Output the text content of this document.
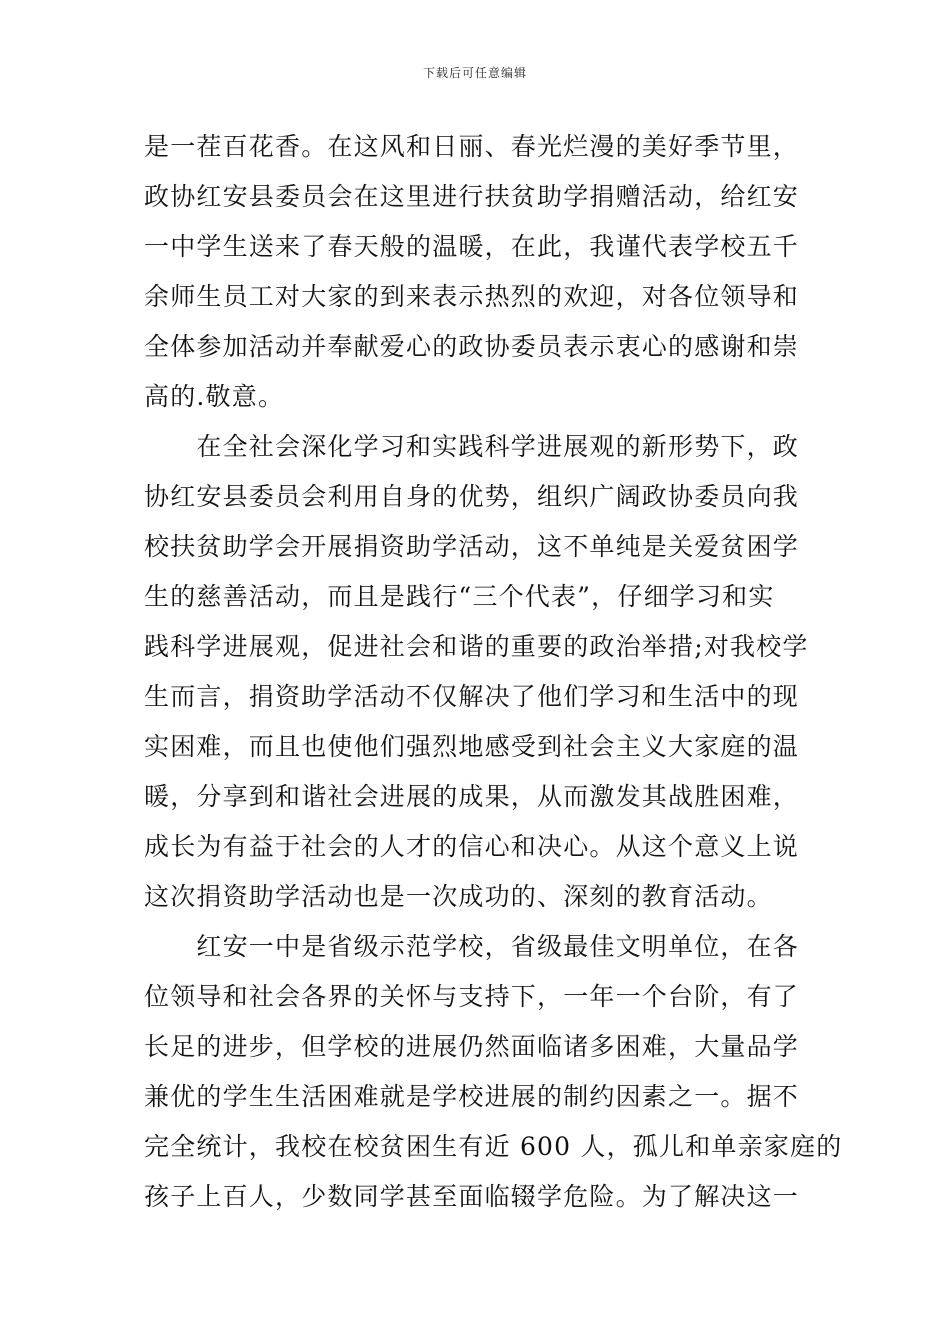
下载后可任意编辑
是一茬百花香。在这风和日丽、春光烂漫的美好季节里，
政协红安县委员会在这里进行扶贫助学捐赠活动，给红安
一中学生送来了春天般的温暖，在此，我谨代表学校五千
余师生员工对大家的到来表示热烈的欢迎，对各位领导和
全体参加活动并奉献爱心的政协委员表示衷心的感谢和崇
高的.敬意。
　　在全社会深化学习和实践科学进展观的新形势下，政
协红安县委员会利用自身的优势，组织广阔政协委员向我
校扶贫助学会开展捐资助学活动，这不单纯是关爱贫困学
生的慈善活动，而且是践行“三个代表”，仔细学习和实
践科学进展观，促进社会和谐的重要的政治举措;对我校学
生而言，捐资助学活动不仅解决了他们学习和生活中的现
实困难，而且也使他们强烈地感受到社会主义大家庭的温
暖，分享到和谐社会进展的成果，从而激发其战胜困难，
成长为有益于社会的人才的信心和决心。从这个意义上说
这次捐资助学活动也是一次成功的、深刻的教育活动。
　　红安一中是省级示范学校，省级最佳文明单位，在各
位领导和社会各界的关怀与支持下，一年一个台阶，有了
长足的进步，但学校的进展仍然面临诸多困难，大量品学
兼优的学生生活困难就是学校进展的制约因素之一。据不
完全统计，我校在校贫困生有近 600 人，孤儿和单亲家庭的
孩子上百人，少数同学甚至面临辍学危险。为了解决这一
